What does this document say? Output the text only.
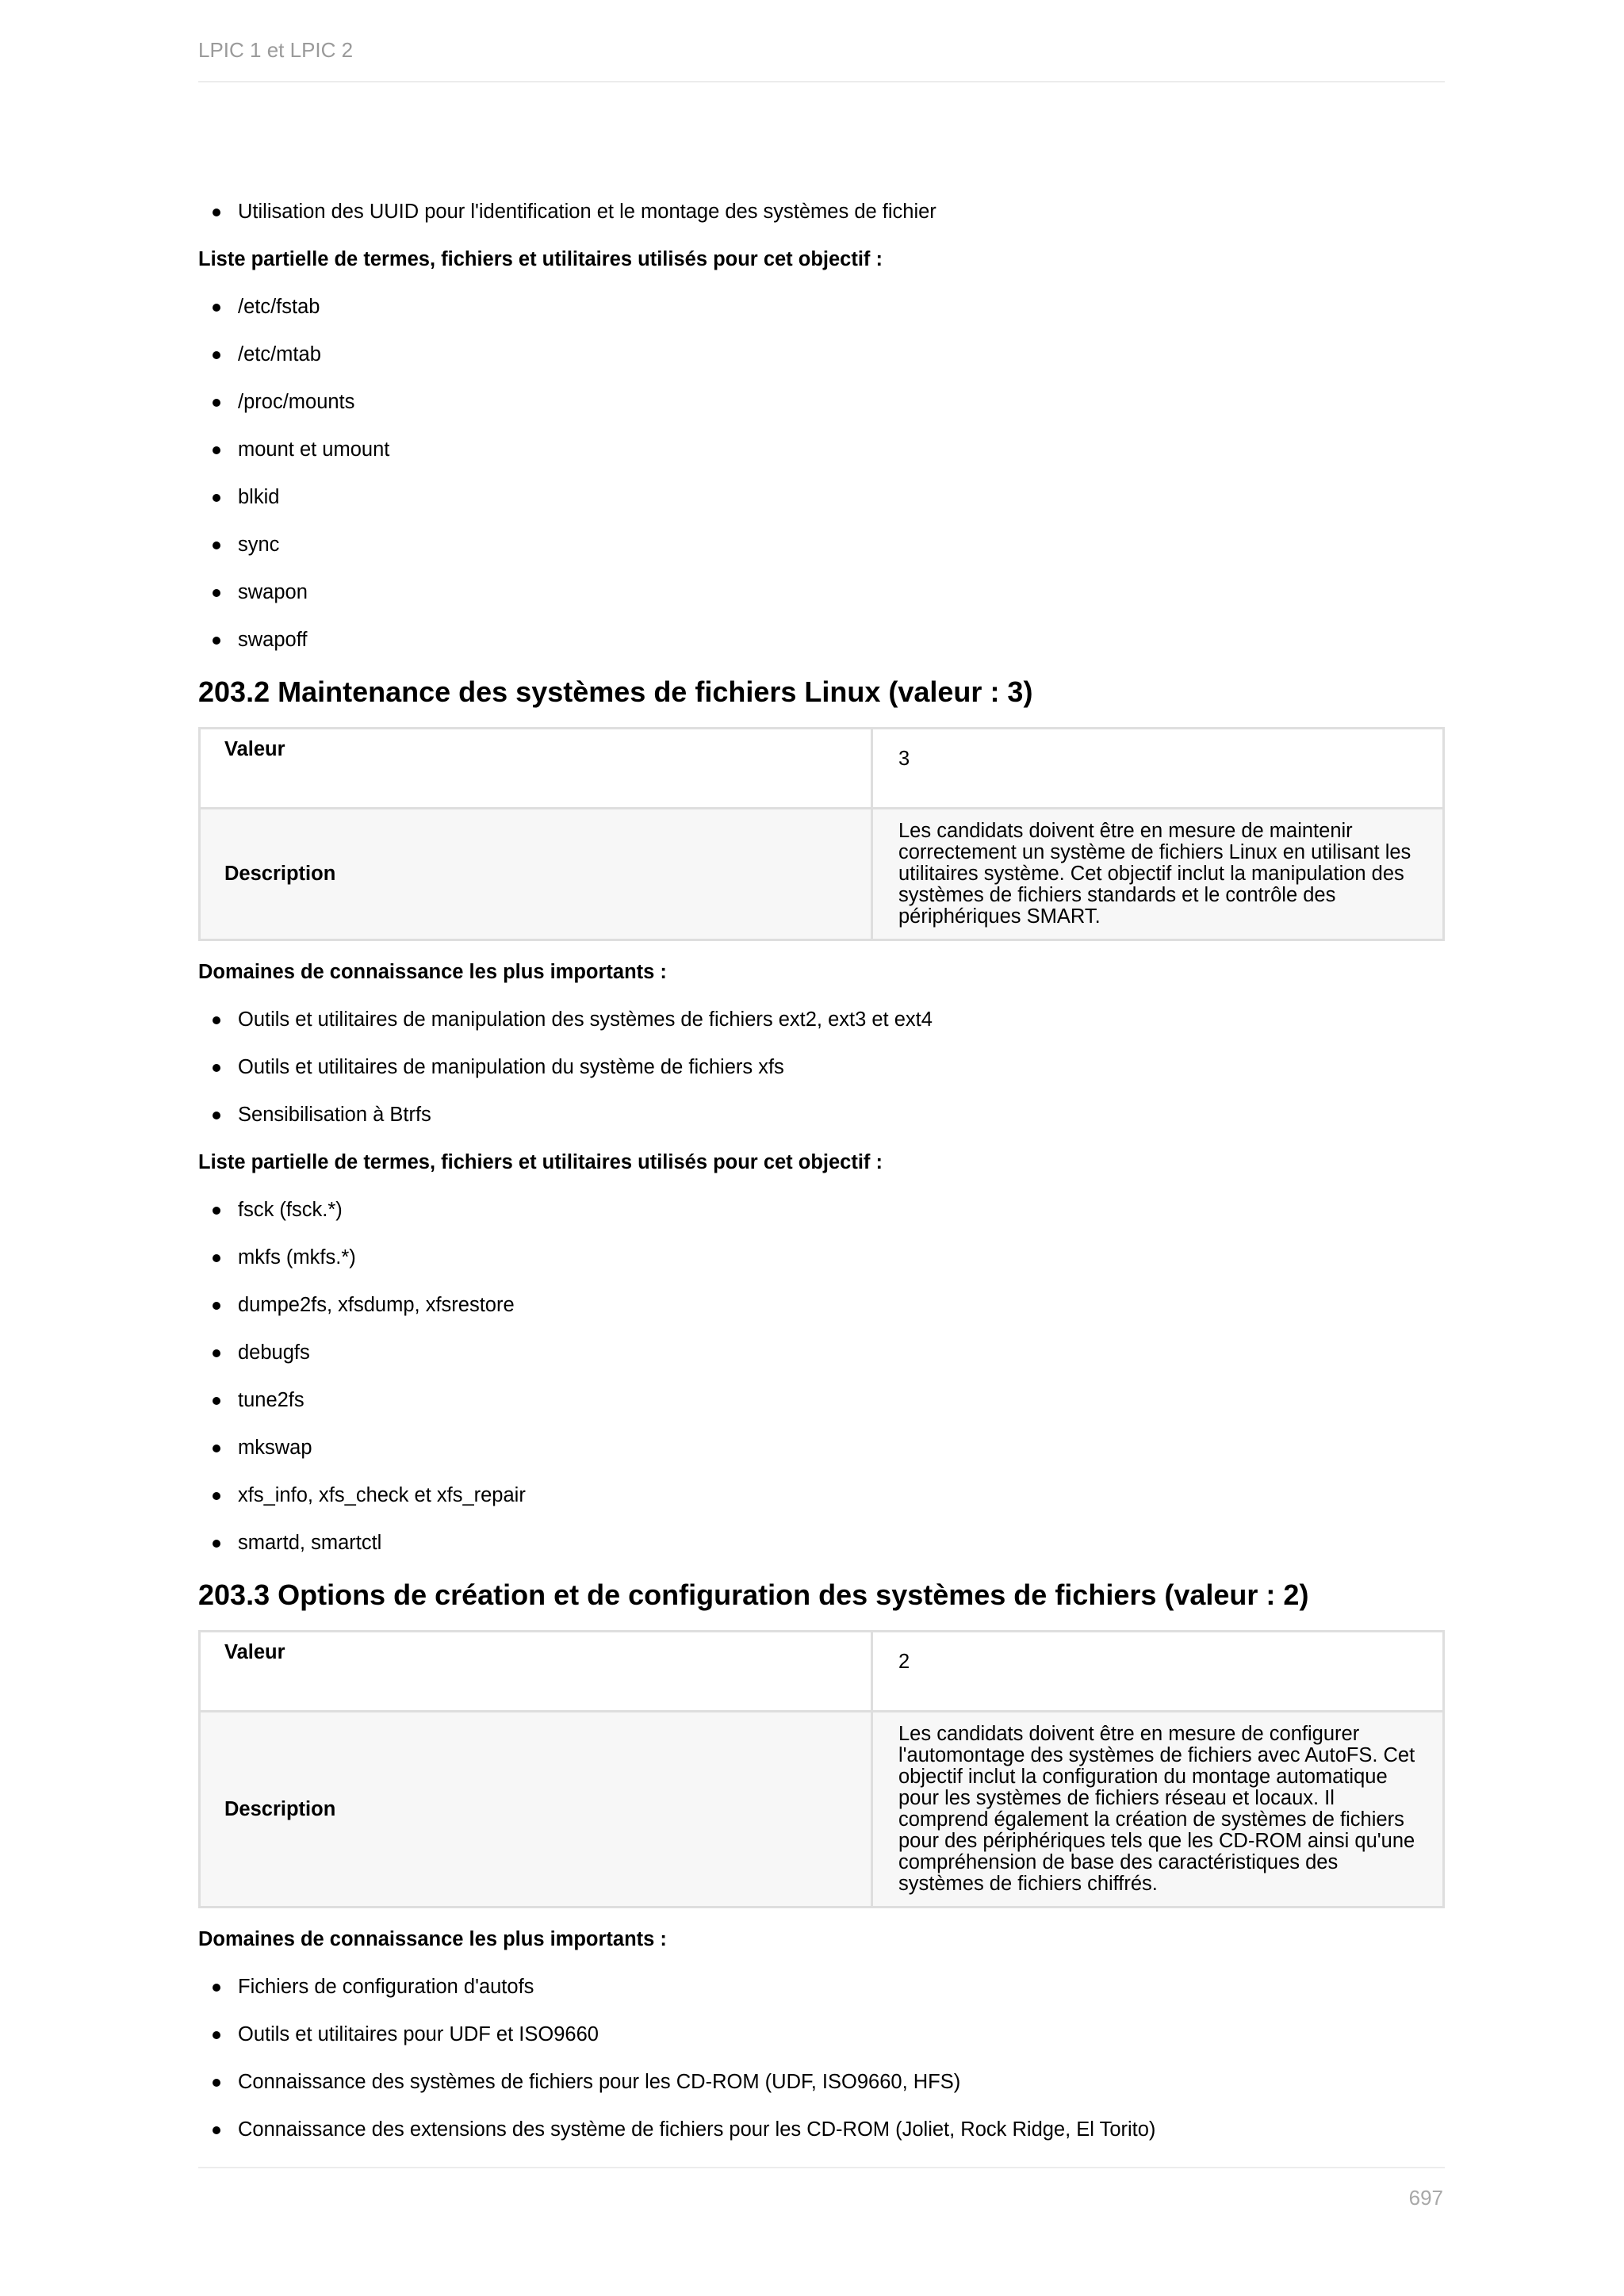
LPIC 1 et LPIC 2
Utilisation des UUID pour l'identification et le montage des systèmes de fichier
Liste partielle de termes, fichiers et utilitaires utilisés pour cet objectif :
/etc/fstab
/etc/mtab
/proc/mounts
mount et umount
blkid
sync
swapon
swapoff
203.2 Maintenance des systèmes de fichiers Linux (valeur : 3)
Valeur	3
Description	Les candidats doivent être en mesure de maintenir correctement un système de fichiers Linux en utilisant les utilitaires système. Cet objectif inclut la manipulation des systèmes de fichiers standards et le contrôle des périphériques SMART.
Domaines de connaissance les plus importants :
Outils et utilitaires de manipulation des systèmes de fichiers ext2, ext3 et ext4
Outils et utilitaires de manipulation du système de fichiers xfs
Sensibilisation à Btrfs
Liste partielle de termes, fichiers et utilitaires utilisés pour cet objectif :
fsck (fsck.*)
mkfs (mkfs.*)
dumpe2fs, xfsdump, xfsrestore
debugfs
tune2fs
mkswap
xfs_info, xfs_check et xfs_repair
smartd, smartctl
203.3 Options de création et de configuration des systèmes de fichiers (valeur : 2)
Valeur	2
Description	Les candidats doivent être en mesure de configurer l'automontage des systèmes de fichiers avec AutoFS. Cet objectif inclut la configuration du montage automatique pour les systèmes de fichiers réseau et locaux. Il comprend également la création de systèmes de fichiers pour des périphériques tels que les CD-ROM ainsi qu'une compréhension de base des caractéristiques des systèmes de fichiers chiffrés.
Domaines de connaissance les plus importants :
Fichiers de configuration d'autofs
Outils et utilitaires pour UDF et ISO9660
Connaissance des systèmes de fichiers pour les CD-ROM (UDF, ISO9660, HFS)
Connaissance des extensions des système de fichiers pour les CD-ROM (Joliet, Rock Ridge, El Torito)
697
